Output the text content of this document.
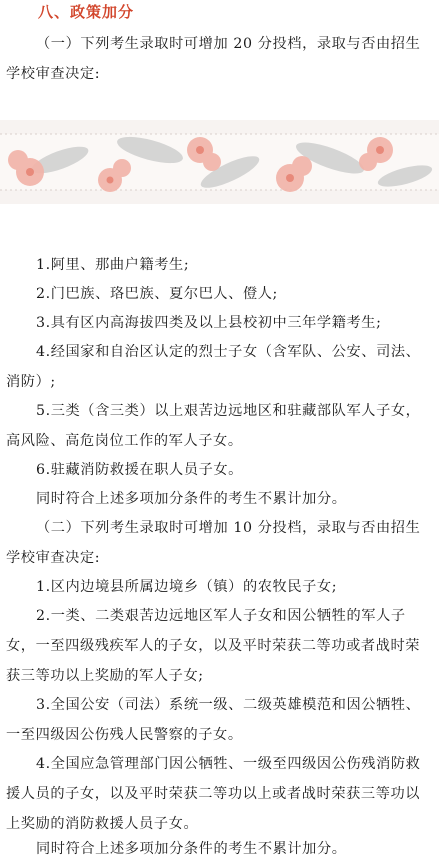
八、政策加分
（一）下列考生录取时可增加 20 分投档，录取与否由招生学校审查决定:
1.阿里、那曲户籍考生;
2.门巴族、珞巴族、夏尔巴人、僜人;
3.具有区内高海拔四类及以上县校初中三年学籍考生;
4.经国家和自治区认定的烈士子女（含军队、公安、司法、消防）;
5.三类（含三类）以上艰苦边远地区和驻藏部队军人子女，高风险、高危岗位工作的军人子女。
6.驻藏消防救援在职人员子女。
同时符合上述多项加分条件的考生不累计加分。
（二）下列考生录取时可增加 10 分投档，录取与否由招生学校审查决定:
1.区内边境县所属边境乡（镇）的农牧民子女;
2.一类、二类艰苦边远地区军人子女和因公牺牲的军人子女，一至四级残疾军人的子女，以及平时荣获二等功或者战时荣获三等功以上奖励的军人子女;
3.全国公安（司法）系统一级、二级英雄模范和因公牺牲、一至四级因公伤残人民警察的子女。
4.全国应急管理部门因公牺牲、一级至四级因公伤残消防救援人员的子女，以及平时荣获二等功以上或者战时荣获三等功以上奖励的消防救援人员子女。
同时符合上述多项加分条件的考生不累计加分。
